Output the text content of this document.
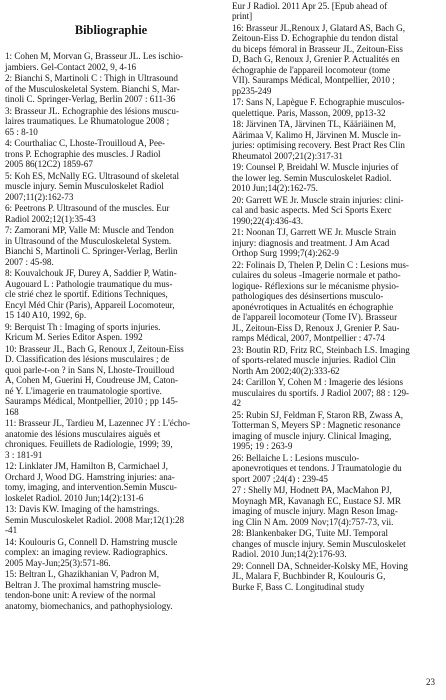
Bibliographie
1: Cohen M, Morvan G, Brasseur JL. Les ischio-
jambiers. Gel-Contact 2002, 9, 4-16
2: Bianchi S, Martinoli C : Thigh in Ultrasound
of the Musculoskeletal System. Bianchi S, Mar-
tinoli C. Springer-Verlag, Berlin 2007 : 611-36
3: Brasseur JL. Echographie des lésions muscu-
laires traumatiques. Le Rhumatologue 2008 ;
65 : 8-10
4: Courthaliac C, Lhoste-Trouilloud A, Pee-
trons P. Echographie des muscles. J Radiol
2005 86(12C2) 1859-67
5: Koh ES, McNally EG. Ultrasound of skeletal
muscle injury. Semin Musculoskelet Radiol
2007;11(2):162-73
6: Peetrons P. Ultrasound of the muscles. Eur
Radiol 2002;12(1):35-43
7: Zamorani MP, Valle M: Muscle and Tendon
in Ultrasound of the Musculoskeletal System.
Bianchi S, Martinoli C. Springer-Verlag, Berlin
2007 : 45-98.
8: Kouvalchouk JF, Durey A, Saddier P, Watin-
Augouard L : Pathologie traumatique du mus-
cle strié chez le sportif. Editions Techniques,
Encyl Méd Chir (Paris), Appareil Locomoteur,
15 140 A10, 1992, 6p.
9: Berquist Th : Imaging of sports injuries.
Kricum M. Series Editor Aspen. 1992
10: Brasseur JL, Bach G, Renoux J, Zeitoun-Eiss
D. Classification des lésions musculaires ; de
quoi parle-t-on ? in Sans N, Lhoste-Trouilloud
A, Cohen M, Guerini H, Coudreuse JM, Caton-
né Y. L'imagerie en traumatologie sportive.
Sauramps Médical, Montpellier, 2010 ; pp 145-
168
11: Brasseur JL, Tardieu M, Lazennec JY : L'écho-
anatomie des lésions musculaires aiguës et
chroniques. Feuillets de Radiologie, 1999; 39,
3 : 181-91
12: Linklater JM, Hamilton B, Carmichael J,
Orchard J, Wood DG. Hamstring injuries: ana-
tomy, imaging, and intervention.Semin Muscu-
loskelet Radiol. 2010 Jun;14(2):131-6
13: Davis KW. Imaging of the hamstrings.
Semin Musculoskelet Radiol. 2008 Mar;12(1):28
-41
14: Koulouris G, Connell D. Hamstring muscle
complex: an imaging review. Radiographics.
2005 May-Jun;25(3):571-86.
15: Beltran L, Ghazikhanian V, Padron M,
Beltran J. The proximal hamstring muscle-
tendon-bone unit: A review of the normal
anatomy, biomechanics, and pathophysiology.
Eur J Radiol. 2011 Apr 25. [Epub ahead of
print]
16: Brasseur JL,Renoux J, Glatard AS, Bach G,
Zeitoun-Eiss D. Echographie du tendon distal
du biceps fémoral in Brasseur JL, Zeitoun-Eiss
D, Bach G, Renoux J, Grenier P. Actualités en
échographie de l'appareil locomoteur (tome
VII). Sauramps Médical, Montpellier, 2010 ;
pp235-249
17: Sans N, Lapègue F. Echographie musculos-
quelettique. Paris, Masson, 2009, pp13-32
18: Järvinen TA, Järvinen TL, Kääriäinen M,
Aärimaa V, Kalimo H, Järvinen M. Muscle in-
juries: optimising recovery. Best Pract Res Clin
Rheumatol 2007;21(2):317-31
19: Counsel P, Breidahl W. Muscle injuries of
the lower leg. Semin Musculoskelet Radiol.
2010 Jun;14(2):162-75.
20: Garrett WE Jr. Muscle strain injuries: clini-
cal and basic aspects. Med Sci Sports Exerc
1990;22(4):436-43.
21: Noonan TJ, Garrett WE Jr. Muscle Strain
injury: diagnosis and treatment. J Am Acad
Orthop Surg 1999;7(4):262-9
22: Folinais D, Thelen P, Delin C : Lesions mus-
culaires du soleus -Imagerie normale et patho-
logique- Réflexions sur le mécanisme physio-
pathologiques des désinsertions musculo-
aponévrotiques in Actualités en échographie
de l'appareil locomoteur (Tome IV). Brasseur
JL, Zeitoun-Eiss D, Renoux J, Grenier P. Sau-
ramps Médical, 2007, Montpellier : 47-74
23: Boutin RD, Fritz RC, Steinbach LS. Imaging
of sports-related muscle injuries. Radiol Clin
North Am 2002;40(2):333-62
24: Carillon Y, Cohen M : Imagerie des lésions
musculaires du sportifs. J Radiol 2007; 88 : 129-
42
25: Rubin SJ, Feldman F, Staron RB, Zwass A,
Totterman S, Meyers SP : Magnetic resonance
imaging of muscle injury. Clinical Imaging,
1995; 19 : 263-9
26: Bellaiche L : Lesions musculo-
aponevrotiques et tendons. J Traumatologie du
sport 2007 ;24(4) : 239-45
27 : Shelly MJ, Hodnett PA, MacMahon PJ,
Moynagh MR, Kavanagh EC, Eustace SJ. MR
imaging of muscle injury. Magn Reson Imag-
ing Clin N Am. 2009 Nov;17(4):757-73, vii.
28: Blankenbaker DG, Tuite MJ. Temporal
changes of muscle injury. Semin Musculoskelet
Radiol. 2010 Jun;14(2):176-93.
29: Connell DA, Schneider-Kolsky ME, Hoving
JL, Malara F, Buchbinder R, Koulouris G,
Burke F, Bass C. Longitudinal study
23
